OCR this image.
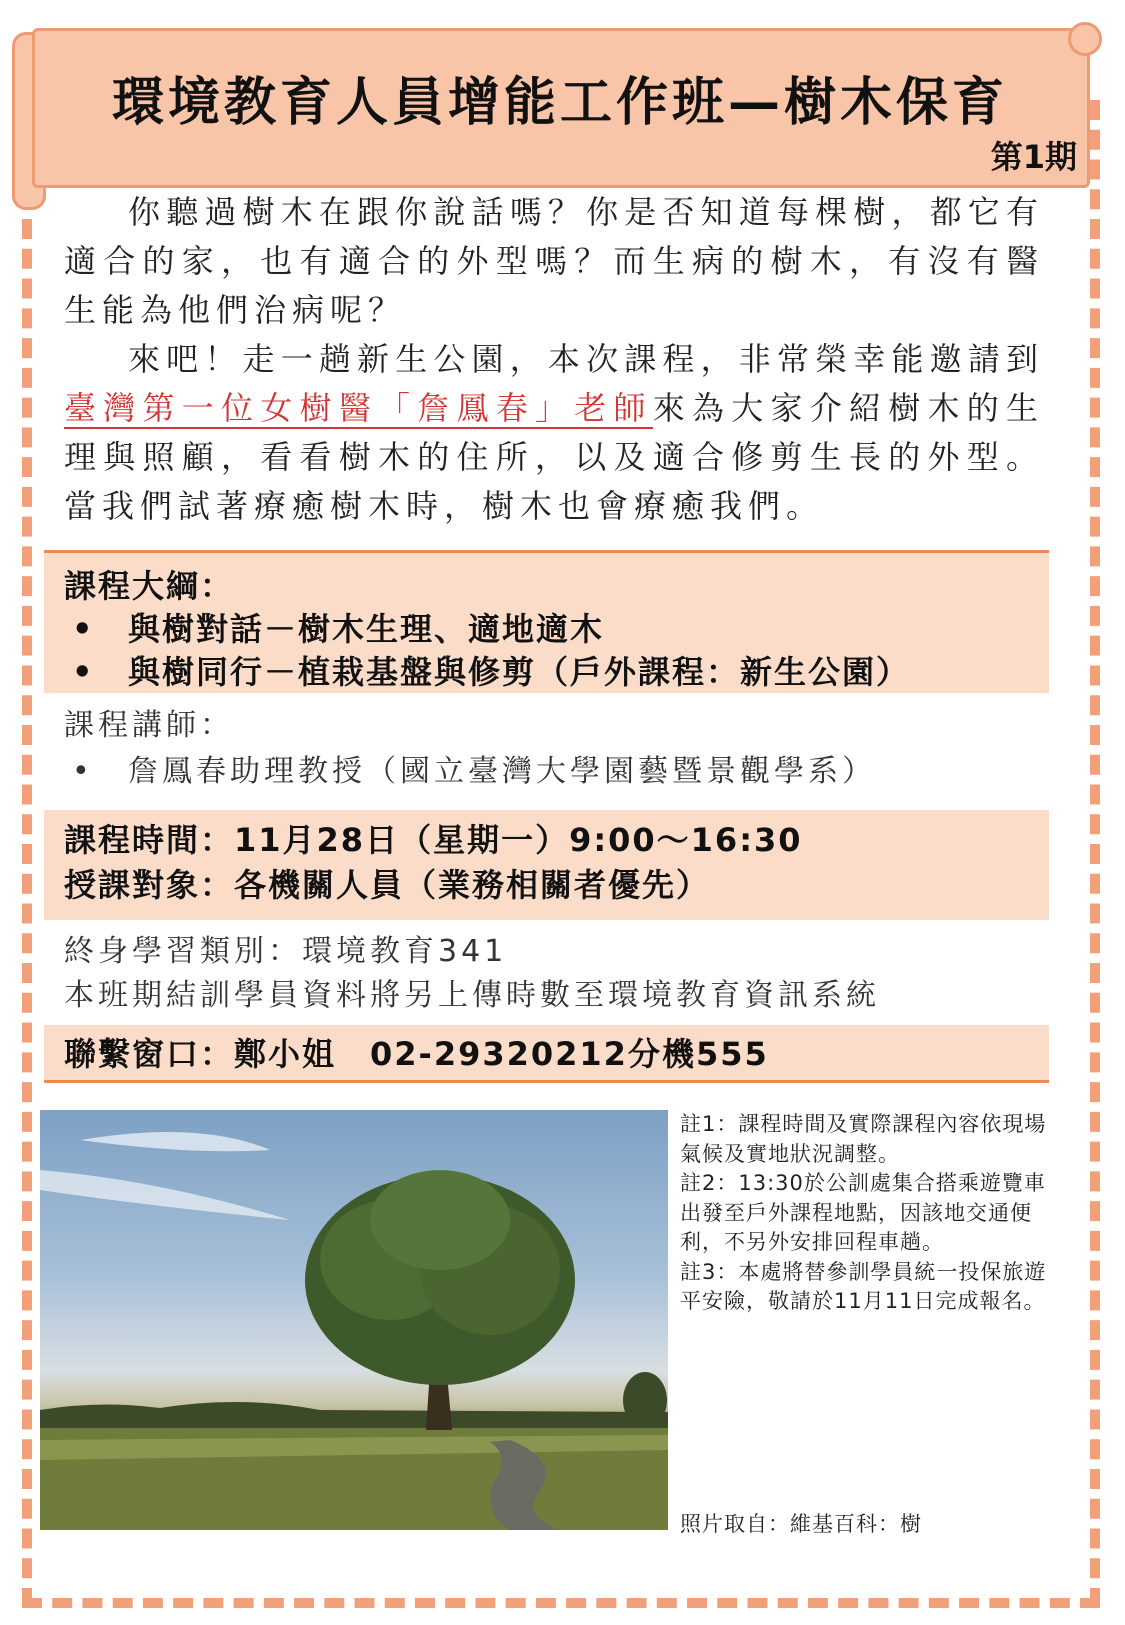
環境教育人員增能工作班—樹木保育
第1期

你聽過樹木在跟你說話嗎？你是否知道每棵樹，都它有適合的家，也有適合的外型嗎？而生病的樹木，有沒有醫生能為他們治病呢？

來吧！走一趟新生公園，本次課程，非常榮幸能邀請到臺灣第一位女樹醫「詹鳳春」老師來為大家介紹樹木的生理與照顧，看看樹木的住所，以及適合修剪生長的外型。當我們試著療癒樹木時，樹木也會療癒我們。

課程大綱：
• 與樹對話－樹木生理、適地適木
• 與樹同行－植栽基盤與修剪（戶外課程：新生公園）
課程講師：
• 詹鳳春助理教授（國立臺灣大學園藝暨景觀學系）
課程時間：11月28日（星期一）9:00～16:30
授課對象：各機關人員（業務相關者優先）
終身學習類別：環境教育341
本班期結訓學員資料將另上傳時數至環境教育資訊系統
聯繫窗口：鄭小姐　02-29320212分機555
註1：課程時間及實際課程內容依現場氣候及實地狀況調整。
註2：13:30於公訓處集合搭乘遊覽車出發至戶外課程地點，因該地交通便利，不另外安排回程車趟。
註3：本處將替參訓學員統一投保旅遊平安險，敬請於11月11日完成報名。
照片取自：維基百科：樹
